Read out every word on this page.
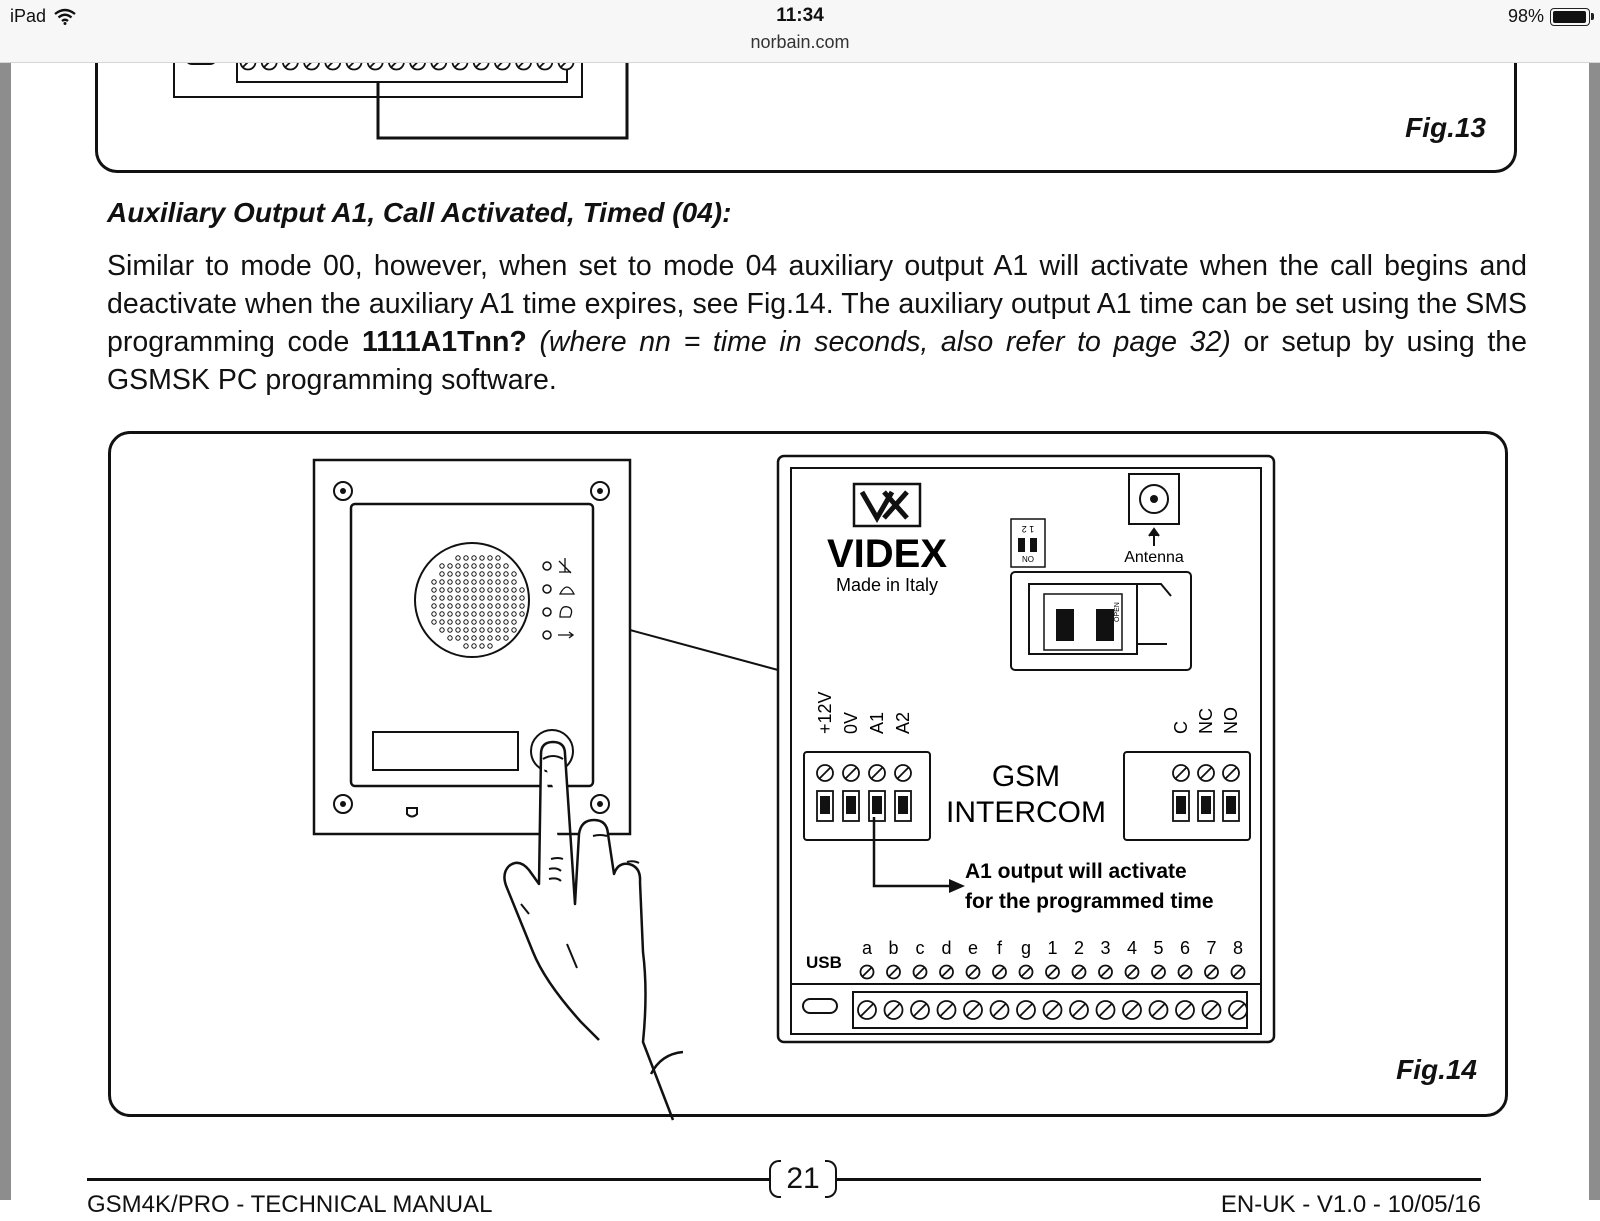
iPad	11:34
norbain.com
98%
Fig.13
Auxiliary Output A1, Call Activated, Timed (04):
Similar to mode 00, however, when set to mode 04 auxiliary output A1 will activate when the call begins and deactivate when the auxiliary A1 time expires, see Fig.14. The auxiliary output A1 time can be set using the SMS programming code 1111A1Tnn? (where nn = time in seconds, also refer to page 32) or setup by using the GSMSK PC programming software.
VIDEX
Made in Italy
1 2
NO	Antenna
OPEN
+12V 0V A1 A2
GSM
INTERCOM
C NC NO
A1 output will activate
for the programmed time
USB
a b c d e f g 1 2 3 4 5 6 7 8
Fig.14
21
GSM4K/PRO - TECHNICAL MANUAL	EN-UK - V1.0 - 10/05/16
